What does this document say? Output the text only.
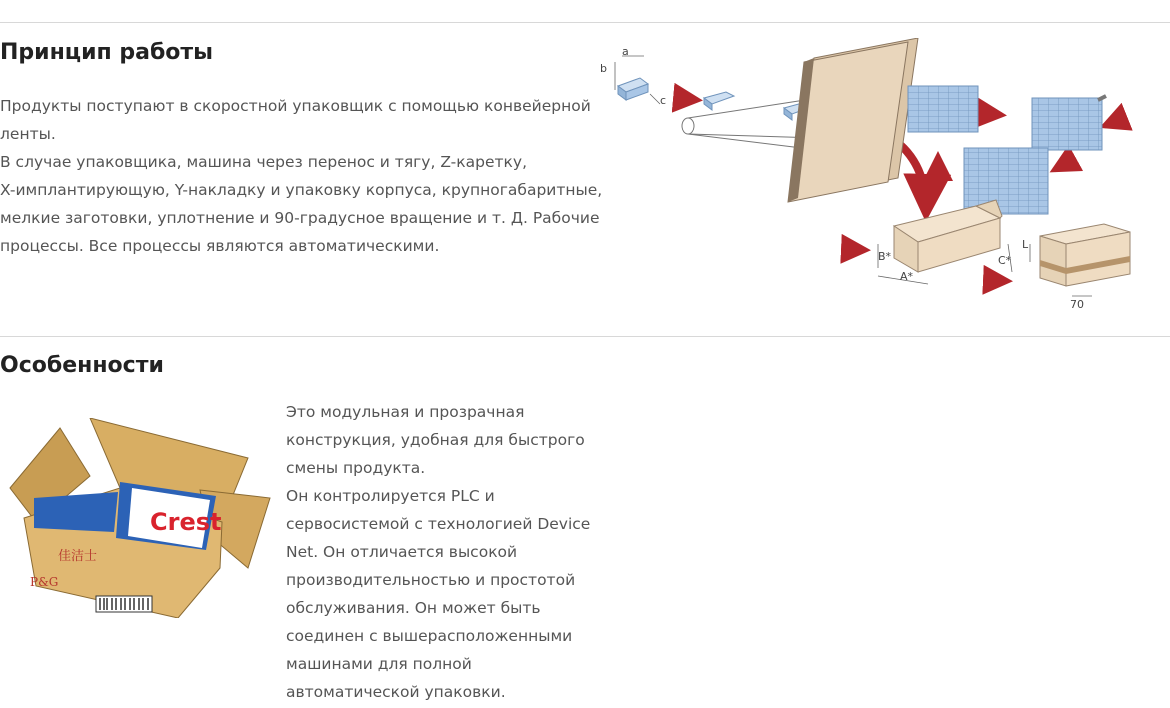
Принцип работы

Продукты поступают в скоростной упаковщик с помощью конвейерной ленты.

В случае упаковщика, машина через перенос и тягу, Z-каретку,

X-имплантирующую, Y-накладку и упаковку корпуса, крупногабаритные,

мелкие заготовки, уплотнение и 90-градусное вращение и т. Д. Рабочие

процессы. Все процессы являются автоматическими.

a
b
c
B*
A*
C*
L
70
Особенности
Crest
P&G
佳洁士

Это модульная и прозрачная

конструкция, удобная для быстрого

смены продукта.

Он контролируется PLC и

сервосистемой с технологией Device

Net. Он отличается высокой

производительностью и простотой

обслуживания. Он может быть

соединен с вышерасположенными

машинами для полной

автоматической упаковки.
